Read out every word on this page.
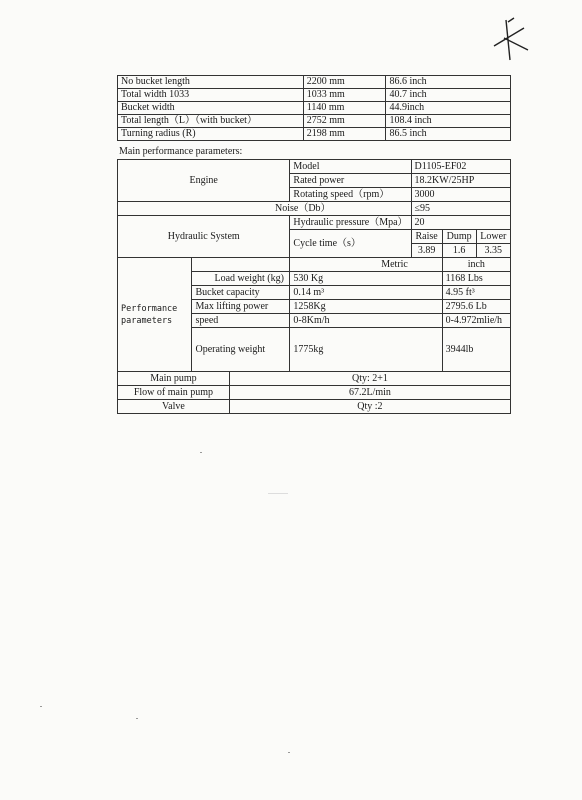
No bucket length	2200 mm	86.6 inch
Total width 1033	1033 mm	40.7 inch
Bucket width	1140 mm	44.9inch
Total length（L）（with bucket）	2752 mm	108.4 inch
Turning radius (R)	2198 mm	86.5 inch
Main performance parameters:
Engine			Model	D1105-EF02		
			Rated power	18.2KW/25HP		
			Rotating speed（rpm）	3000		
Noise（Db）				≤95		
Hydraulic System			Hydraulic pressure（Mpa）	20		
			Cycle time（s）	Raise	Dump	Lower
				3.89	1.6	3.35
Performance parameters			Metric		inch	
	Load weight (kg)		530 Kg		1168 Lbs	
	Bucket capacity		0.14 m³		4.95 ft³	
	Max lifting power		1258Kg		2795.6 Lb	
	speed		0-8Km/h		0-4.972mlie/h	
	Operating weight		1775kg		3944lb	
Main pump		Qty: 2+1				
Flow of main pump		67.2L/min				
Valve		Qty :2				
